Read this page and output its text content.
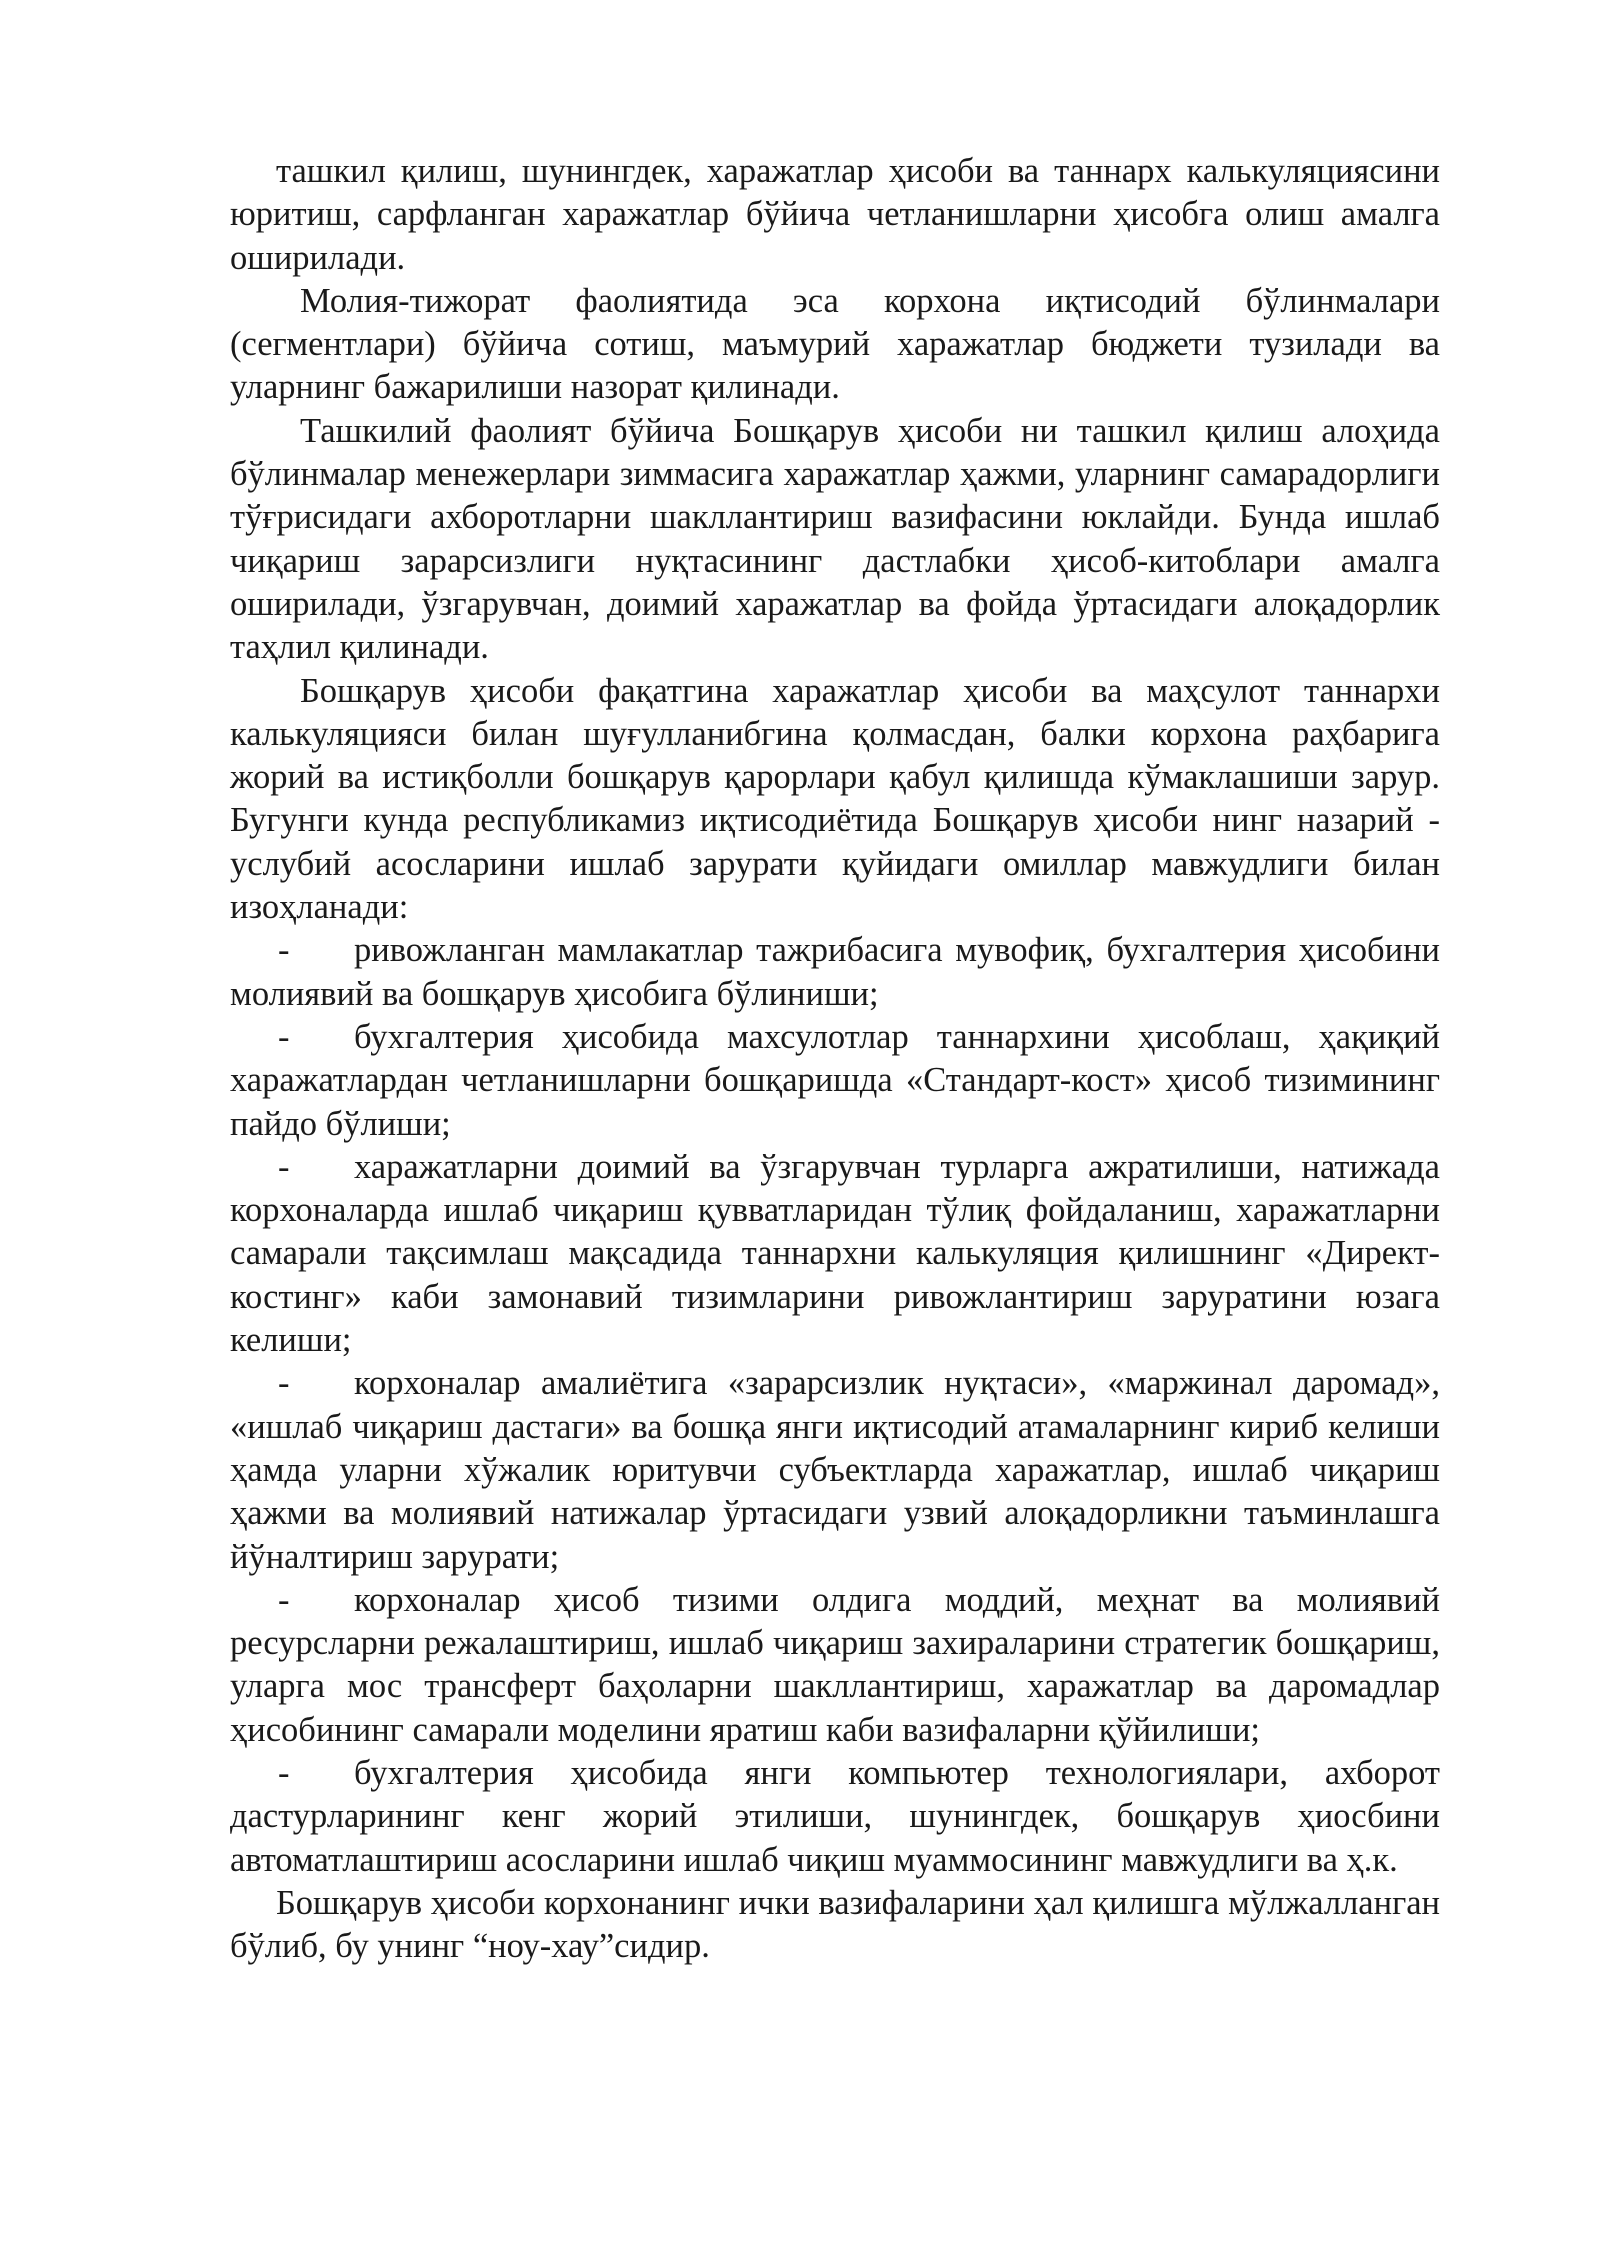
ташкил қилиш, шунингдек, харажатлар ҳисоби ва таннарх калькуляциясини юритиш, сарфланган харажатлар бўйича четланишларни ҳисобга олиш амалга оширилади.

Молия-тижорат фаолиятида эса корхона иқтисодий бўлинмалари (сегментлари) бўйича сотиш, маъмурий харажатлар бюджети тузилади ва уларнинг бажарилиши назорат қилинади.

Ташкилий фаолият бўйича Бошқарув ҳисоби ни ташкил қилиш алоҳида бўлинмалар менежерлари зиммасига харажатлар ҳажми, уларнинг самарадорлиги тўғрисидаги ахборотларни шакллантириш вазифасини юклайди. Бунда ишлаб чиқариш зарарсизлиги нуқтасининг дастлабки ҳисоб-китоблари амалга оширилади, ўзгарувчан, доимий харажатлар ва фойда ўртасидаги алоқадорлик таҳлил қилинади.

Бошқарув ҳисоби фақатгина харажатлар ҳисоби ва маҳсулот таннархи калькуляцияси билан шуғулланибгина қолмасдан, балки корхона раҳбарига жорий ва истиқболли бошқарув қарорлари қабул қилишда кўмаклашиши зарур. Бугунги кунда республикамиз иқтисодиётида Бошқарув ҳисоби нинг назарий - услубий асосларини ишлаб зарурати қуйидаги омиллар мавжудлиги билан изоҳланади:

- ривожланган мамлакатлар тажрибасига мувофиқ, бухгалтерия ҳисобини молиявий ва бошқарув ҳисобига бўлиниши;

- бухгалтерия ҳисобида махсулотлар таннархини ҳисоблаш, ҳақиқий харажатлардан четланишларни бошқаришда «Стандарт-кост» ҳисоб тизимининг пайдо бўлиши;

- харажатларни доимий ва ўзгарувчан турларга ажратилиши, натижада корхоналарда ишлаб чиқариш қувватларидан тўлиқ фойдаланиш, харажатларни самарали тақсимлаш мақсадида таннархни калькуляция қилишнинг «Директ-костинг» каби замонавий тизимларини ривожлантириш заруратини юзага келиши;

- корхоналар амалиётига «зарарсизлик нуқтаси», «маржинал даромад», «ишлаб чиқариш дастаги» ва бошқа янги иқтисодий атамаларнинг кириб келиши ҳамда уларни хўжалик юритувчи субъектларда харажатлар, ишлаб чиқариш ҳажми ва молиявий натижалар ўртасидаги узвий алоқадорликни таъминлашга йўналтириш зарурати;

- корхоналар ҳисоб тизими олдига моддий, меҳнат ва молиявий ресурсларни режалаштириш, ишлаб чиқариш захираларини стратегик бошқариш, уларга мос трансферт баҳоларни шакллантириш, харажатлар ва даромадлар ҳисобининг самарали моделини яратиш каби вазифаларни қўйилиши;

- бухгалтерия ҳисобида янги компьютер технологиялари, ахборот дастурларининг кенг жорий этилиши, шунингдек, бошқарув ҳиосбини автоматлаштириш асосларини ишлаб чиқиш муаммосининг мавжудлиги ва ҳ.к.

Бошқарув ҳисоби корхонанинг ички вазифаларини ҳал қилишга мўлжалланган бўлиб, бу унинг “ноу-хау”сидир.
